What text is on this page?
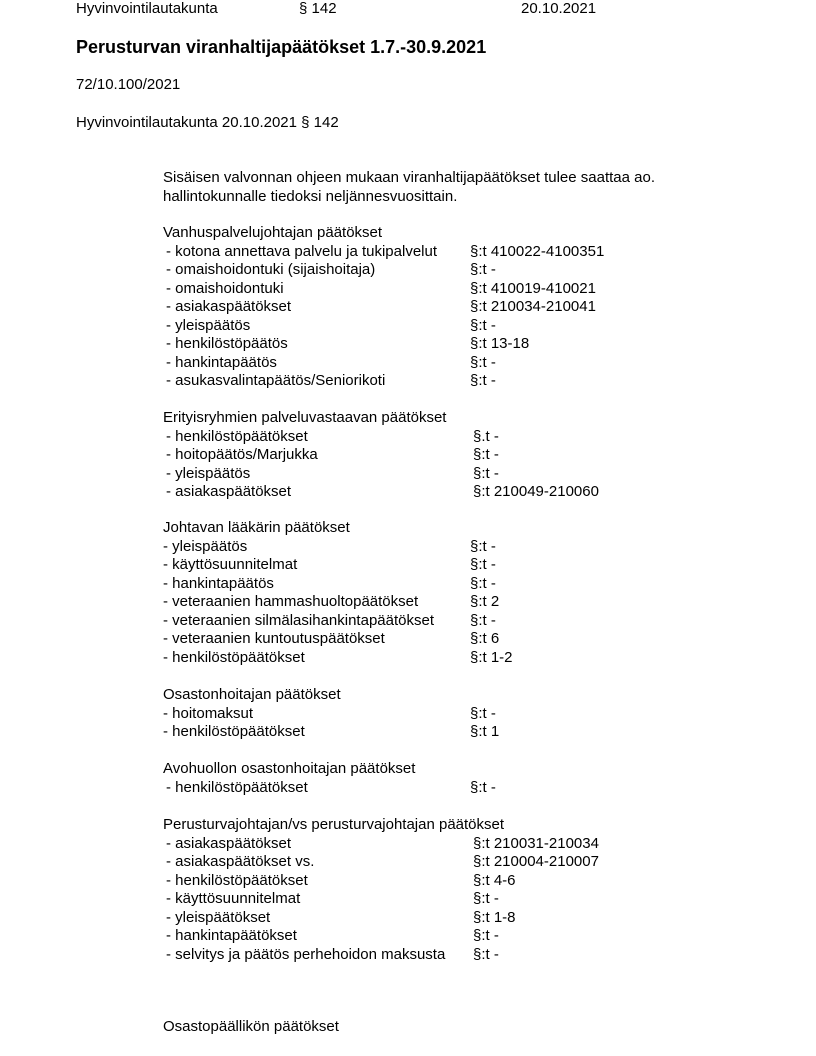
Hyvinvointilautakunta	§ 142	20.10.2021
Perusturvan viranhaltijapäätökset 1.7.-30.9.2021
72/10.100/2021
Hyvinvointilautakunta 20.10.2021 § 142

Sisäisen valvonnan ohjeen mukaan viranhaltijapäätökset tulee saattaa ao.

hallintokunnalle tiedoksi neljännesvuosittain.

Vanhuspalvelujohtajan päätökset
- kotona annettava palvelu ja tukipalvelut §:t 410022-4100351
- omaishoidontuki (sijaishoitaja)	§:t -
- omaishoidontuki	§:t 410019-410021
- asiakaspäätökset	§:t 210034-210041
- yleispäätös	§:t -
- henkilöstöpäätös	§:t 13-18
- hankintapäätös	§:t -
- asukasvalintapäätös/Seniorikoti	§:t -
Erityisryhmien palveluvastaavan päätökset
- henkilöstöpäätökset	§.t -
- hoitopäätös/Marjukka	§:t -
- yleispäätös	§:t -
- asiakaspäätökset	§:t 210049-210060
Johtavan lääkärin päätökset
- yleispäätös	§:t -
- käyttösuunnitelmat	§:t -
- hankintapäätös	§:t -
- veteraanien hammashuoltopäätökset	§:t 2
- veteraanien silmälasihankintapäätökset §:t -
- veteraanien kuntoutuspäätökset	§:t 6
- henkilöstöpäätökset	§:t 1-2
Osastonhoitajan päätökset
- hoitomaksut	§:t -
- henkilöstöpäätökset	§:t 1
Avohuollon osastonhoitajan päätökset
- henkilöstöpäätökset	§:t -
Perusturvajohtajan/vs perusturvajohtajan päätökset
- asiakaspäätökset	§:t 210031-210034
- asiakaspäätökset vs.	§:t 210004-210007
- henkilöstöpäätökset	§:t 4-6
- käyttösuunnitelmat	§:t -
- yleispäätökset	§:t 1-8
- hankintapäätökset	§:t -
- selvitys ja päätös perhehoidon maksusta §:t -
Osastopäällikön päätökset
